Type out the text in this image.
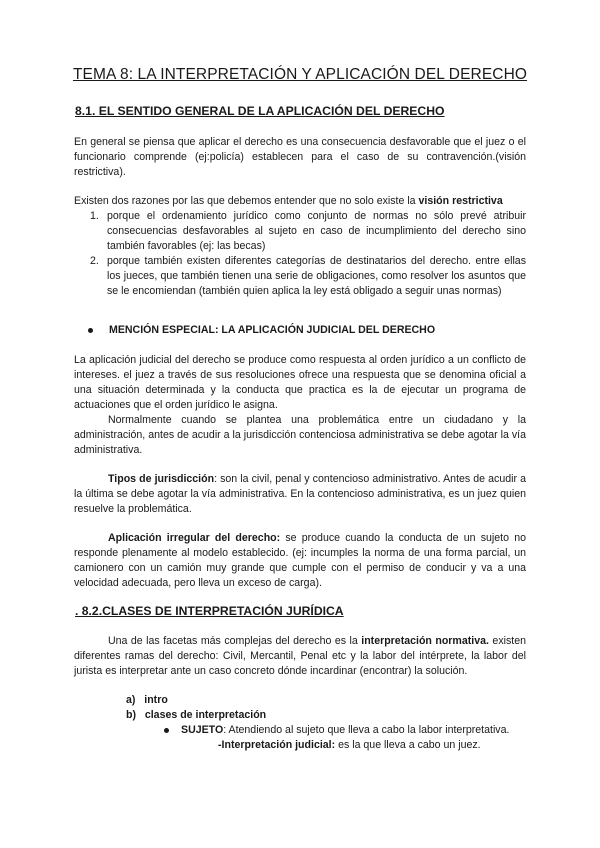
TEMA 8: LA INTERPRETACIÓN Y APLICACIÓN DEL DERECHO
8.1. EL SENTIDO GENERAL DE LA APLICACIÓN DEL DERECHO

En general se piensa que aplicar el derecho es una consecuencia desfavorable que el juez o el funcionario comprende (ej:policía) establecen para el caso de su contravención.(visión restrictiva).

Existen dos razones por las que debemos entender que no solo existe la visión restrictiva

1. porque el ordenamiento jurídico como conjunto de normas no sólo prevé atribuir consecuencias desfavorables al sujeto en caso de incumplimiento del derecho sino también favorables (ej: las becas)
2. porque también existen diferentes categorías de destinatarios del derecho. entre ellas los jueces, que también tienen una serie de obligaciones, como resolver los asuntos que se le encomiendan (también quien aplica la ley está obligado a seguir unas normas)
MENCIÓN ESPECIAL: LA APLICACIÓN JUDICIAL DEL DERECHO

La aplicación judicial del derecho se produce como respuesta al orden jurídico a un conflicto de intereses. el juez a través de sus resoluciones ofrece una respuesta que se denomina oficial a una situación determinada y la conducta que practica es la de ejecutar un programa de actuaciones que el orden jurídico le asigna.

Normalmente cuando se plantea una problemática entre un ciudadano y la administración, antes de acudir a la jurisdicción contenciosa administrativa se debe agotar la vía administrativa.

Tipos de jurisdicción: son la civil, penal y contencioso administrativo. Antes de acudir a la última se debe agotar la vía administrativa. En la contencioso administrativa, es un juez quien resuelve la problemática.

Aplicación irregular del derecho: se produce cuando la conducta de un sujeto no responde plenamente al modelo establecido. (ej: incumples la norma de una forma parcial, un camionero con un camión muy grande que cumple con el permiso de conducir y va a una velocidad adecuada, pero lleva un exceso de carga).

. 8.2.CLASES DE INTERPRETACIÓN JURÍDICA

Una de las facetas más complejas del derecho es la interpretación normativa. existen diferentes ramas del derecho: Civil, Mercantil, Penal etc y la labor del intérprete, la labor del jurista es interpretar ante un caso concreto dónde incardinar (encontrar) la solución.

a) intro
b) clases de interpretación
SUJETO: Atendiendo al sujeto que lleva a cabo la labor interpretativa.
-Interpretación judicial: es la que lleva a cabo un juez.
